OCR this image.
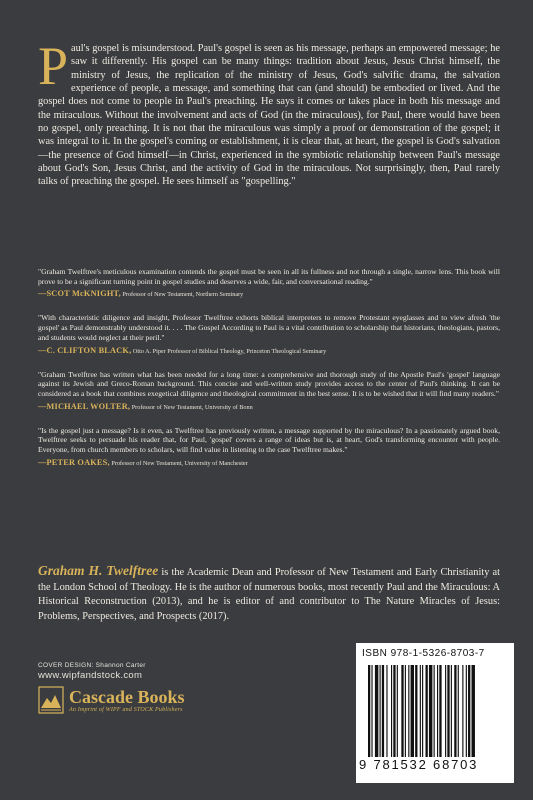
Paul's gospel is misunderstood. Paul's gospel is seen as his message, perhaps an empowered message; he saw it differently. His gospel can be many things: tradition about Jesus, Jesus Christ himself, the ministry of Jesus, the replication of the ministry of Jesus, God's salvific drama, the salvation experience of people, a message, and something that can (and should) be embodied or lived. And the gospel does not come to people in Paul's preaching. He says it comes or takes place in both his message and the miraculous. Without the involvement and acts of God (in the miraculous), for Paul, there would have been no gospel, only preaching. It is not that the miraculous was simply a proof or demonstration of the gospel; it was integral to it. In the gospel's coming or establishment, it is clear that, at heart, the gospel is God's salvation—the presence of God himself—in Christ, experienced in the symbiotic relationship between Paul's message about God's Son, Jesus Christ, and the activity of God in the miraculous. Not surprisingly, then, Paul rarely talks of preaching the gospel. He sees himself as "gospelling."

"Graham Twelftree's meticulous examination contends the gospel must be seen in all its fullness and not through a single, narrow lens. This book will prove to be a significant turning point in gospel studies and deserves a wide, fair, and conversational reading."

—SCOT McKNIGHT, Professor of New Testament, Northern Seminary

"With characteristic diligence and insight, Professor Twelftree exhorts biblical interpreters to remove Protestant eyeglasses and to view afresh 'the gospel' as Paul demonstrably understood it. . . . The Gospel According to Paul is a vital contribution to scholarship that historians, theologians, pastors, and students would neglect at their peril."

—C. CLIFTON BLACK, Otto A. Piper Professor of Biblical Theology, Princeton Theological Seminary

"Graham Twelftree has written what has been needed for a long time: a comprehensive and thorough study of the Apostle Paul's 'gospel' language against its Jewish and Greco-Roman background. This concise and well-written study provides access to the center of Paul's thinking. It can be considered as a book that combines exegetical diligence and theological commitment in the best sense. It is to be wished that it will find many readers."

—MICHAEL WOLTER, Professor of New Testament, University of Bonn

"Is the gospel just a message? Is it even, as Twelftree has previously written, a message supported by the miraculous? In a passionately argued book, Twelftree seeks to persuade his reader that, for Paul, 'gospel' covers a range of ideas but is, at heart, God's transforming encounter with people. Everyone, from church members to scholars, will find value in listening to the case Twelftree makes."

—PETER OAKES, Professor of New Testament, University of Manchester
Graham H. Twelftree is the Academic Dean and Professor of New Testament and Early Christianity at the London School of Theology. He is the author of numerous books, most recently Paul and the Miraculous: A Historical Reconstruction (2013), and he is editor of and contributor to The Nature Miracles of Jesus: Problems, Perspectives, and Prospects (2017).
COVER DESIGN: Shannon Carter
www.wipfandstock.com
Cascade Books
An Imprint of WIPF and STOCK Publishers
ISBN 978-1-5326-8703-7
9 781532 68703
